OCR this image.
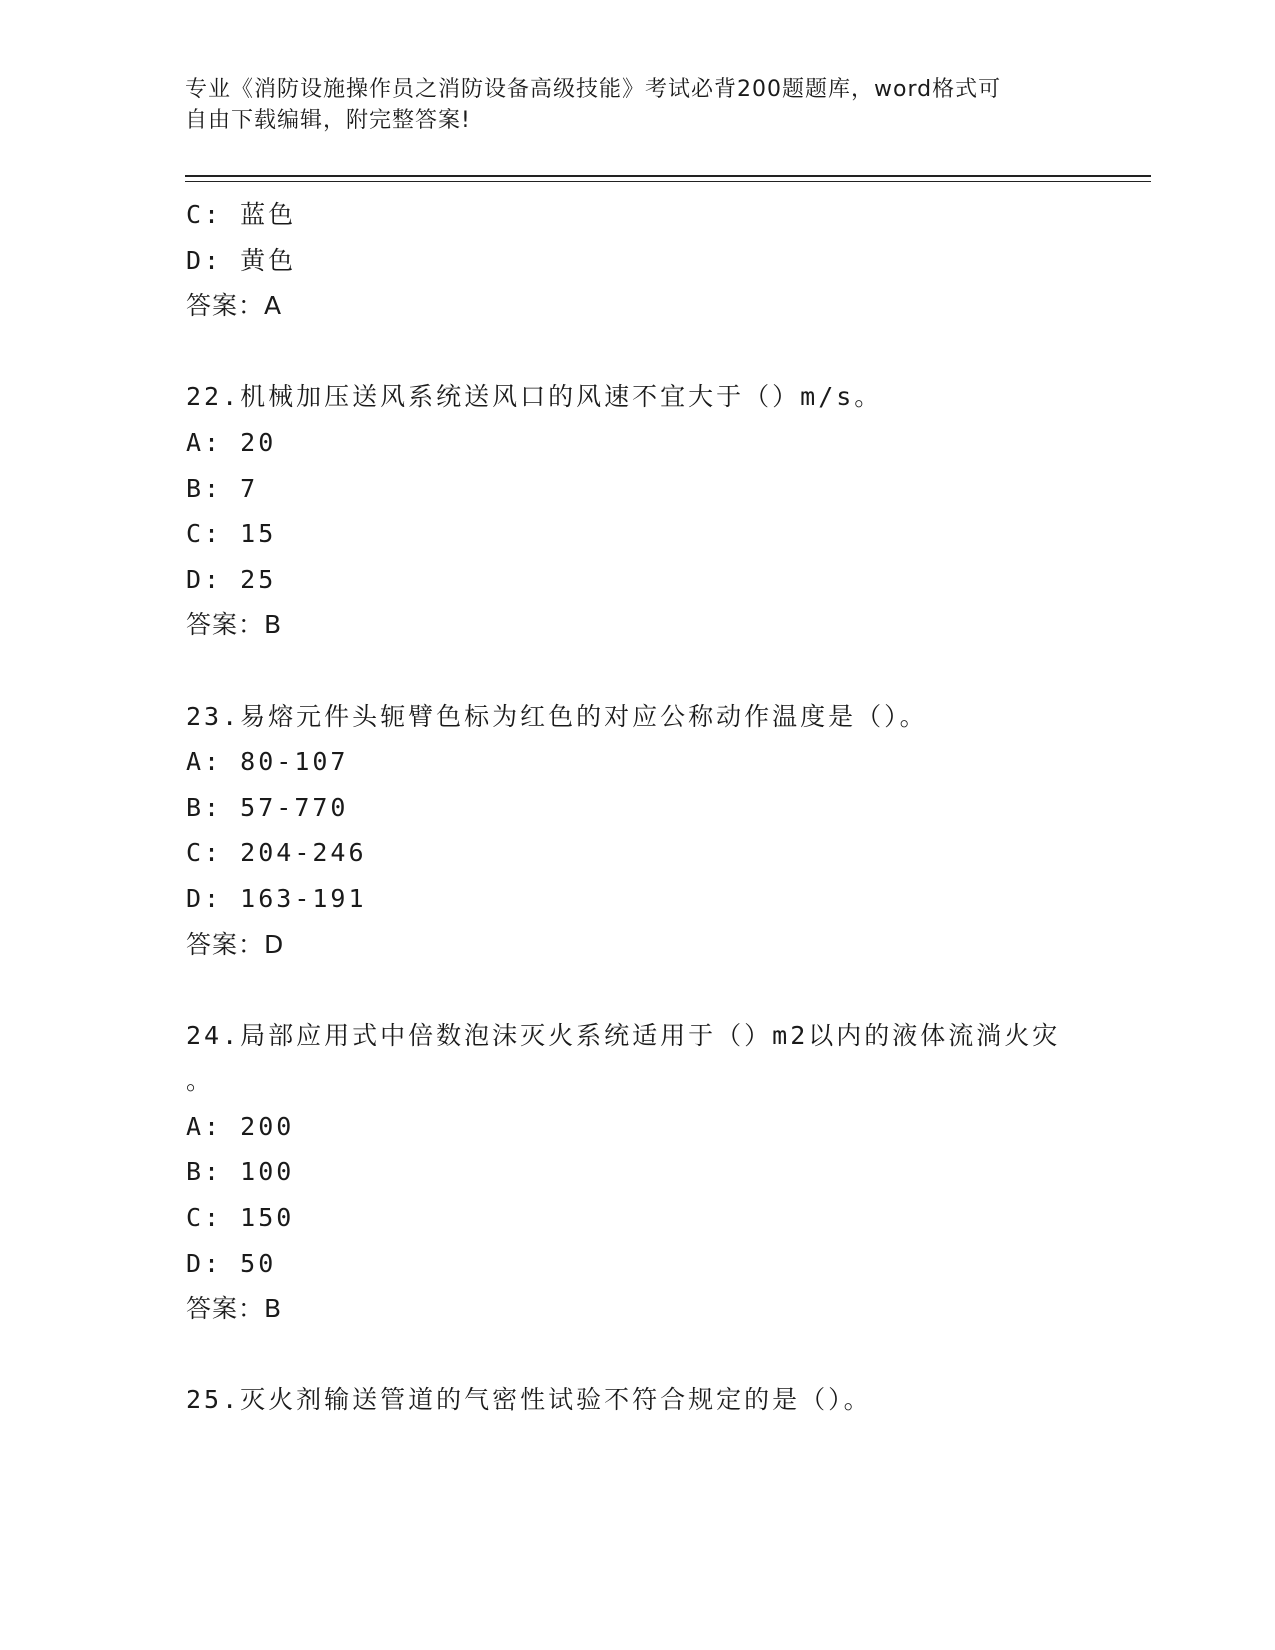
专业《消防设施操作员之消防设备高级技能》考试必背200题题库，word格式可
自由下载编辑，附完整答案!
C: 蓝色
D: 黄色
答案：A
22.机械加压送风系统送风口的风速不宜大于（）m/s。
A: 20
B: 7
C: 15
D: 25
答案：B
23.易熔元件头轭臂色标为红色的对应公称动作温度是（）。
A: 80-107
B: 57-770
C: 204-246
D: 163-191
答案：D
24.局部应用式中倍数泡沫灭火系统适用于（）m2以内的液体流淌火灾
。
A: 200
B: 100
C: 150
D: 50
答案：B
25.灭火剂输送管道的气密性试验不符合规定的是（）。
